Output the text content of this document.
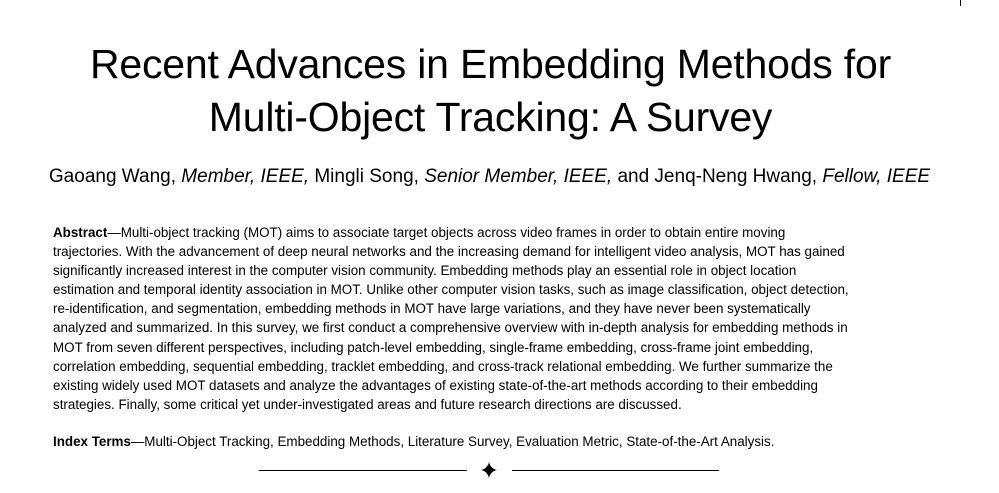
Recent Advances in Embedding Methods for
Multi-Object Tracking: A Survey
Gaoang Wang, Member, IEEE, Mingli Song, Senior Member, IEEE, and Jenq-Neng Hwang, Fellow, IEEE
Abstract—Multi-object tracking (MOT) aims to associate target objects across video frames in order to obtain entire moving
trajectories. With the advancement of deep neural networks and the increasing demand for intelligent video analysis, MOT has gained
significantly increased interest in the computer vision community. Embedding methods play an essential role in object location
estimation and temporal identity association in MOT. Unlike other computer vision tasks, such as image classification, object detection,
re-identification, and segmentation, embedding methods in MOT have large variations, and they have never been systematically
analyzed and summarized. In this survey, we first conduct a comprehensive overview with in-depth analysis for embedding methods in
MOT from seven different perspectives, including patch-level embedding, single-frame embedding, cross-frame joint embedding,
correlation embedding, sequential embedding, tracklet embedding, and cross-track relational embedding. We further summarize the
existing widely used MOT datasets and analyze the advantages of existing state-of-the-art methods according to their embedding
strategies. Finally, some critical yet under-investigated areas and future research directions are discussed.
Index Terms—Multi-Object Tracking, Embedding Methods, Literature Survey, Evaluation Metric, State-of-the-Art Analysis.
